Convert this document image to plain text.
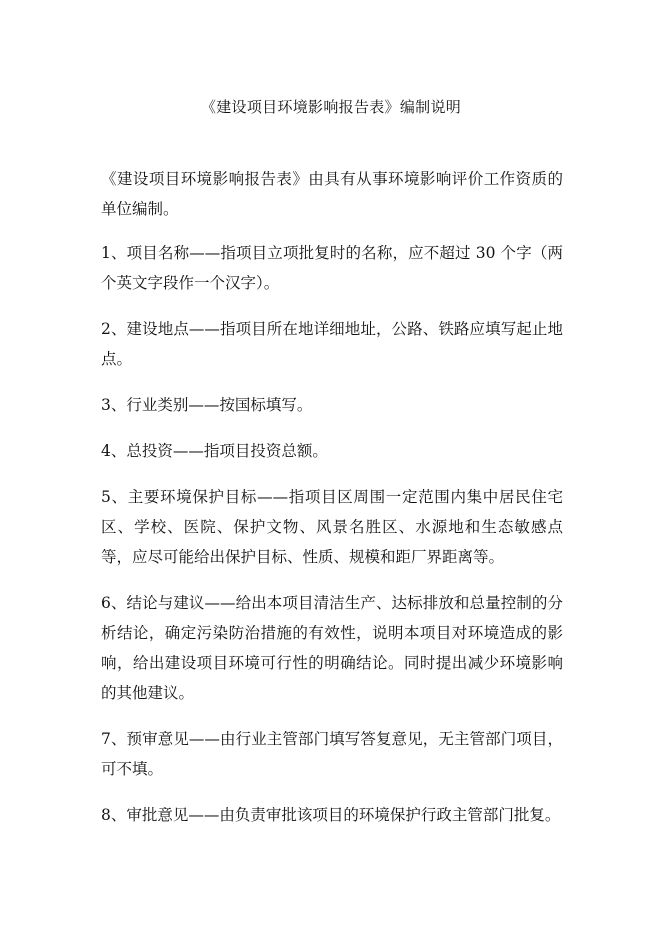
《建设项目环境影响报告表》编制说明

《建设项目环境影响报告表》由具有从事环境影响评价工作资质的单位编制。

1、项目名称——指项目立项批复时的名称，应不超过 30 个字（两个英文字段作一个汉字）。

2、建设地点——指项目所在地详细地址，公路、铁路应填写起止地点。

3、行业类别——按国标填写。

4、总投资——指项目投资总额。

5、主要环境保护目标——指项目区周围一定范围内集中居民住宅区、学校、医院、保护文物、风景名胜区、水源地和生态敏感点等，应尽可能给出保护目标、性质、规模和距厂界距离等。

6、结论与建议——给出本项目清洁生产、达标排放和总量控制的分析结论，确定污染防治措施的有效性，说明本项目对环境造成的影响，给出建设项目环境可行性的明确结论。同时提出减少环境影响的其他建议。

7、预审意见——由行业主管部门填写答复意见，无主管部门项目，可不填。

8、审批意见——由负责审批该项目的环境保护行政主管部门批复。
